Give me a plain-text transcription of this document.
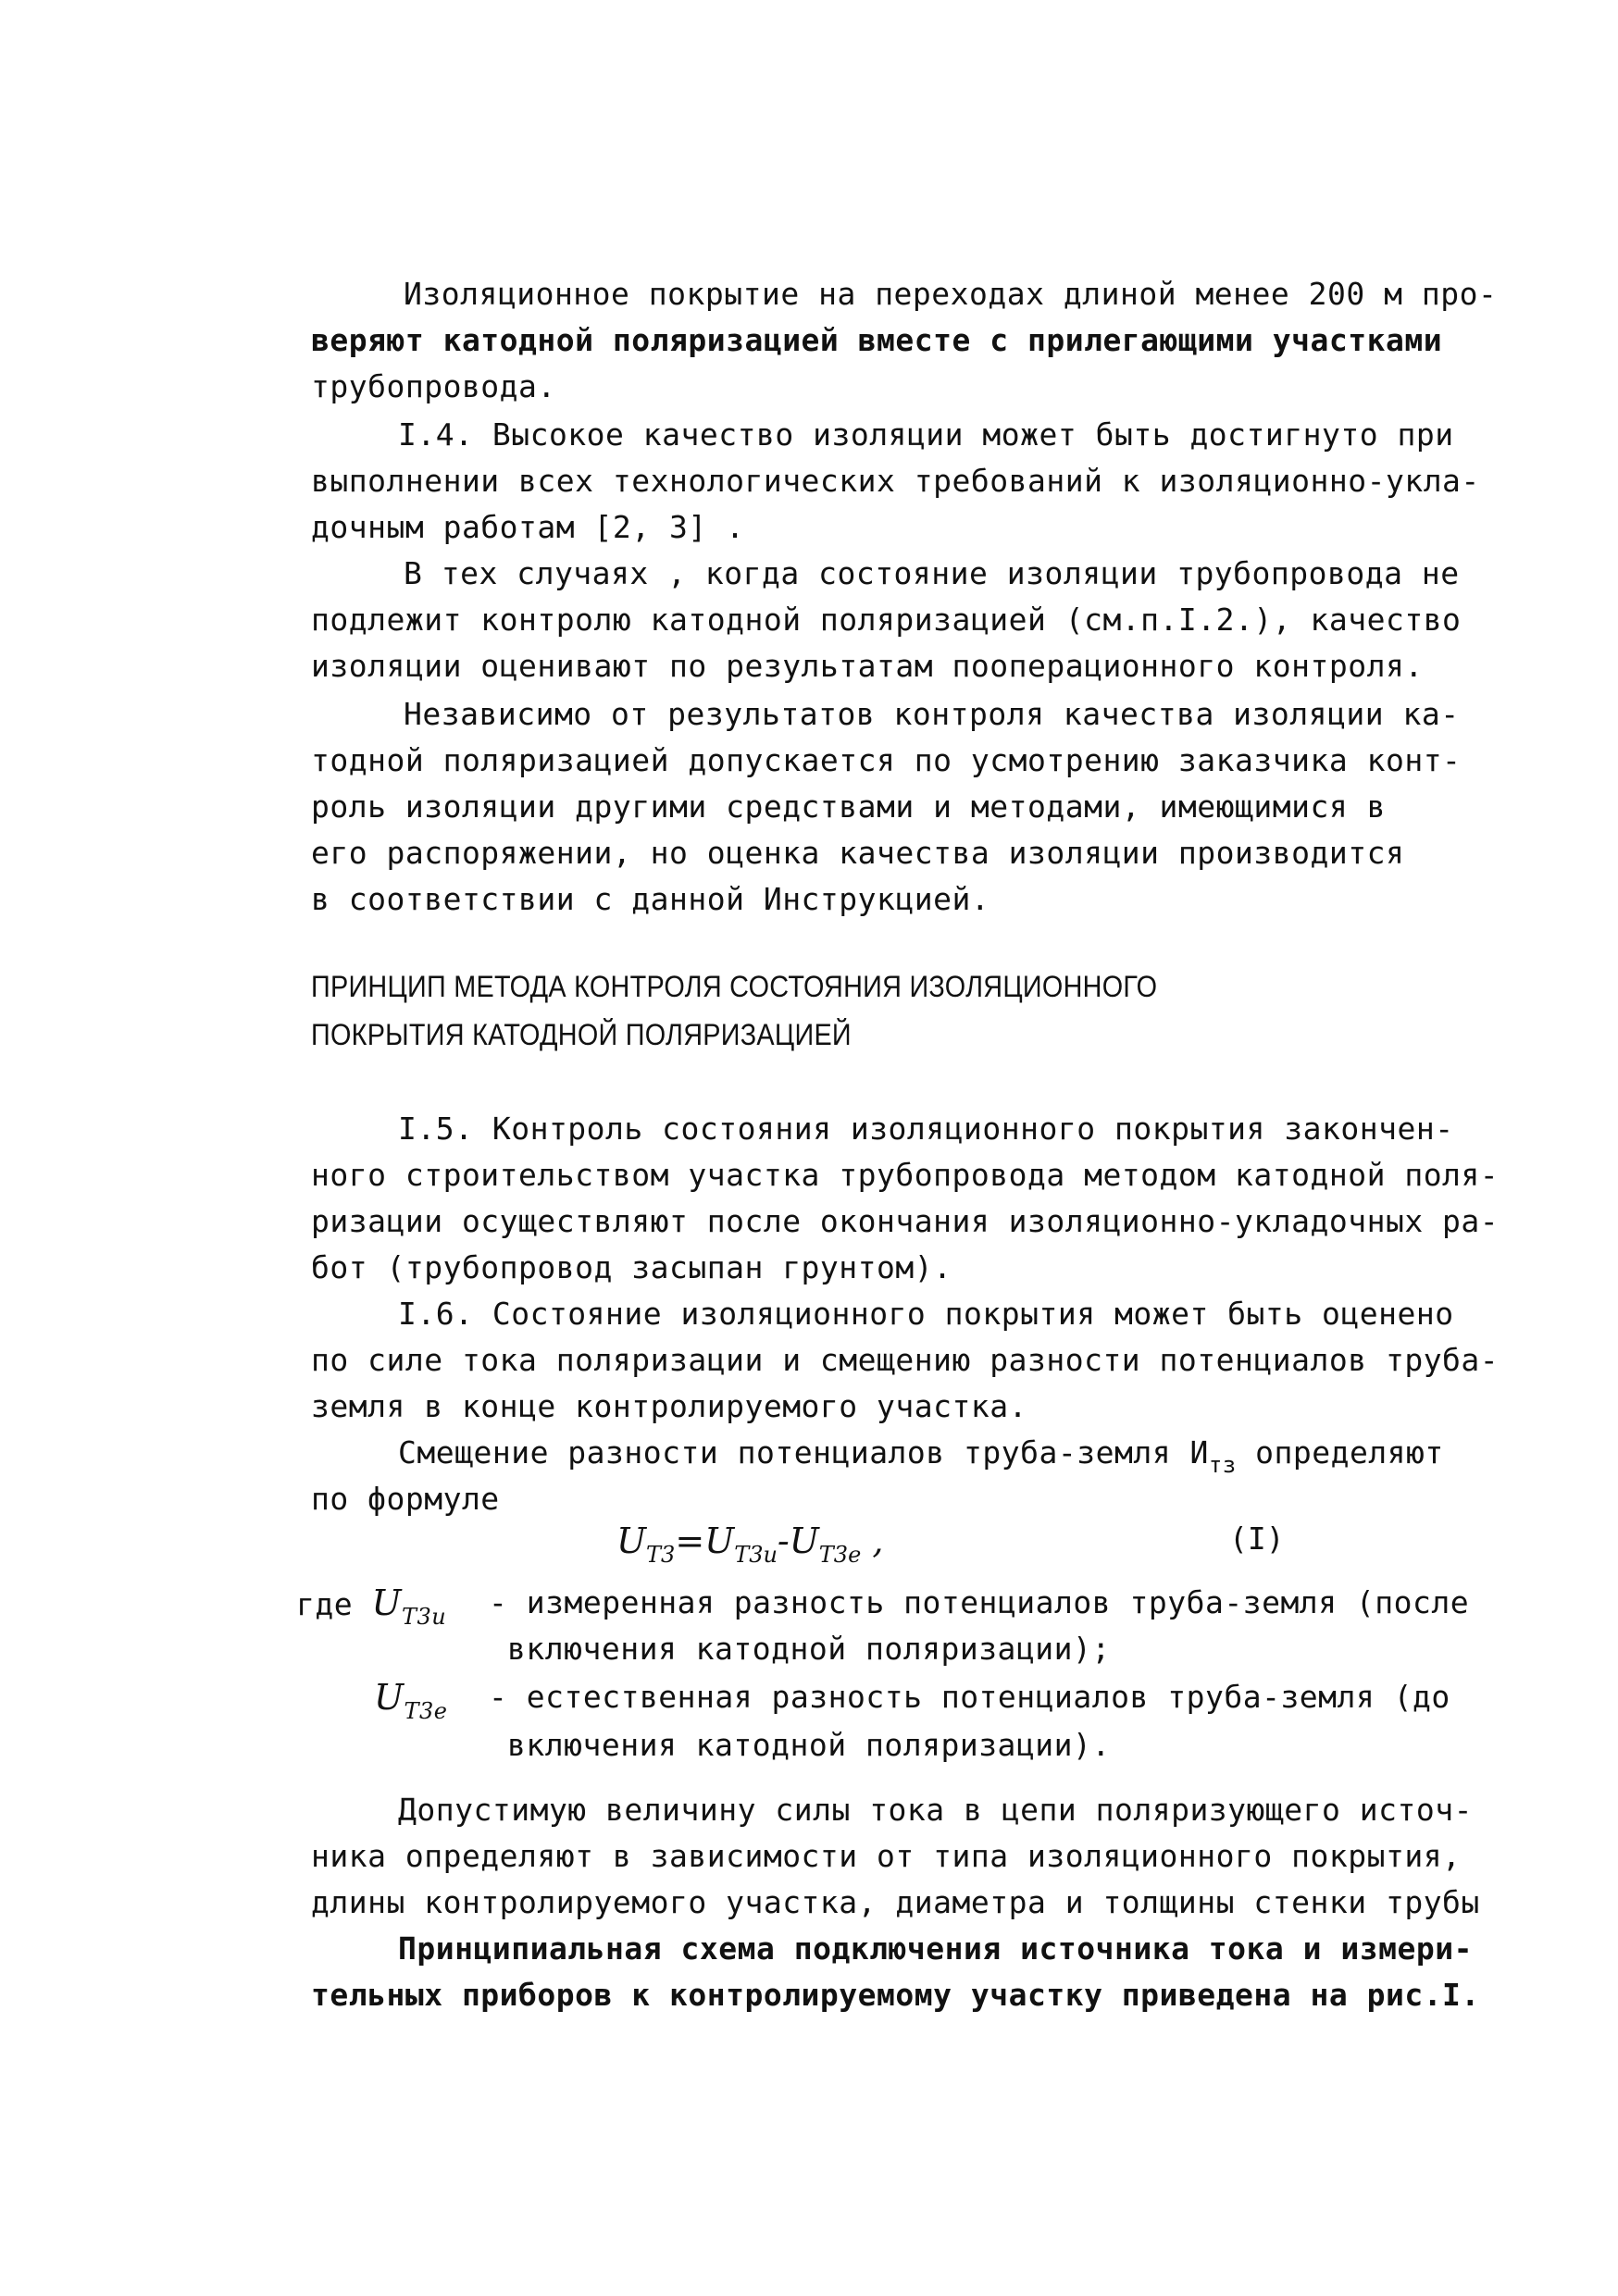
Изоляционное покрытие на переходах длиной менее 200 м про-
веряют катодной поляризацией вместе с прилегающими участками
трубопровода.
I.4. Высокое качество изоляции может быть достигнуто при
выполнении всех технологических требований к изоляционно-укла-
дочным работам [2, 3] .
В тех случаях , когда состояние изоляции трубопровода не
подлежит контролю катодной поляризацией (см.п.I.2.), качество
изоляции оценивают по результатам пооперационного контроля.
Независимо от результатов контроля качества изоляции ка-
тодной поляризацией допускается по усмотрению заказчика конт-
роль изоляции другими средствами и методами, имеющимися в
его распоряжении, но оценка качества изоляции производится
в соответствии с данной Инструкцией.
ПРИНЦИП МЕТОДА КОНТРОЛЯ СОСТОЯНИЯ ИЗОЛЯЦИОННОГО
ПОКРЫТИЯ КАТОДНОЙ ПОЛЯРИЗАЦИЕЙ
I.5. Контроль состояния изоляционного покрытия закончен-
ного строительством участка трубопровода методом катодной поля-
ризации осуществляют после окончания изоляционно-укладочных ра-
бот (трубопровод засыпан грунтом).
I.6. Состояние изоляционного покрытия может быть оценено
по силе тока поляризации и смещению разности потенциалов труба-
земля в конце контролируемого участка.
Смещение разности потенциалов труба-земля $И_{тз}$ определяют
по формуле
$U_{T3}=U_{T3u}-U_{T3e}$ ,	(I)
где $U_{T3u}$ - измеренная разность потенциалов труба-земля (после
включения катодной поляризации);
$U_{T3e}$ - естественная разность потенциалов труба-земля (до
включения катодной поляризации).
Допустимую величину силы тока в цепи поляризующего источ-
ника определяют в зависимости от типа изоляционного покрытия,
длины контролируемого участка, диаметра и толщины стенки трубы
Принципиальная схема подключения источника тока и измери-
тельных приборов к контролируемому участку приведена на рис.I.
